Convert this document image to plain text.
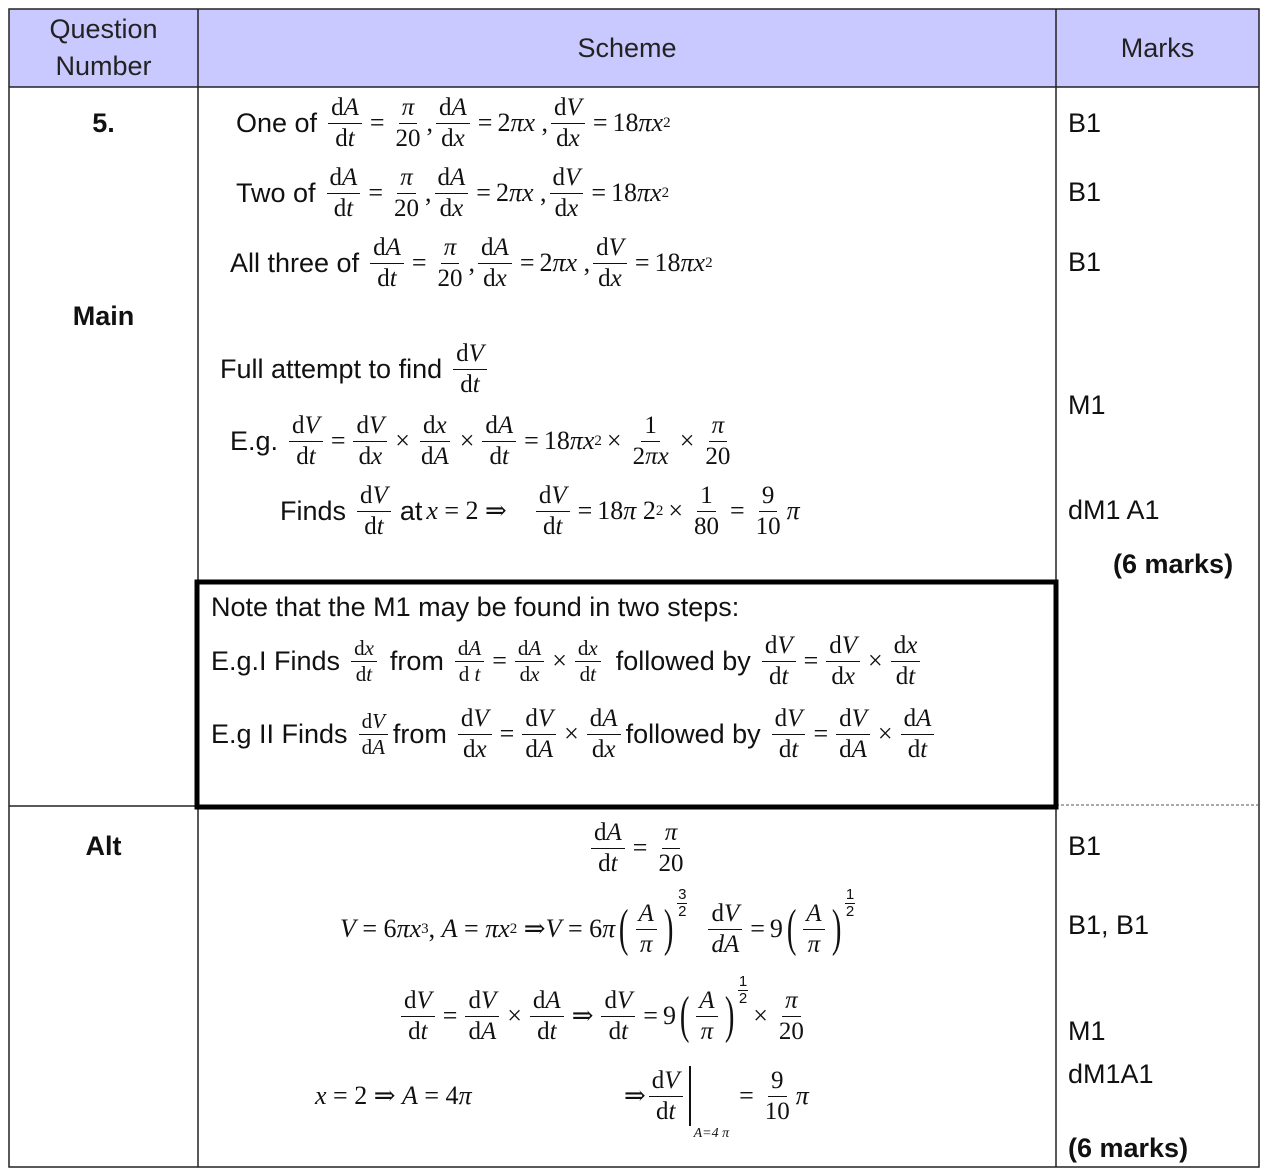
Question Number
Scheme	Marks
5.
Main
Alt
One of $\frac{dA}{dt} = \frac{\pi}{20}$ , $\frac{dA}{dx} = 2$ πx , $\frac{dV}{dx} = 18$ πx 2
Two of $\frac{dA}{dt} = \frac{\pi}{20}$ , $\frac{dA}{dx} = 2$ πx , $\frac{dV}{dx} = 18$ πx 2
All three of $\frac{dA}{dt} = \frac{\pi}{20}$ , $\frac{dA}{dx} = 2$ πx , $\frac{dV}{dx} = 18$ πx 2
Full attempt to find $\frac{dV}{dt}$
E.g. $\frac{dV}{dt} = \frac{dV}{dx} \times \frac{dx}{dA} \times \frac{dA}{dt} = 18$ πx $2 \times \frac{1}{2\pi x} \times \frac{\pi}{20}$
Finds $\frac{dV}{dt}$ at x = 2 ⇒ $\frac{dV}{dt} = 18$ π 2 $2 \times \frac{1}{80} = \frac{9}{10}$ π
B1
B1
B1
M1
dM1 A1
(6 marks)
Note that the M1 may be found in two steps:
E.g.I Finds $\frac{dx}{dt}$ from $\frac{dA}{\text{d t}} = \frac{dA}{dx} \times \frac{dx}{dt}$ followed by $\frac{dV}{dt} = \frac{dV}{dx} \times \frac{dx}{dt}$
E.g II Finds $\frac{dV}{dA}$ from $\frac{dV}{dx} = \frac{dV}{dA} \times \frac{dA}{dx}$ followed by $\frac{dV}{dt} = \frac{dV}{dA} \times \frac{dA}{dt}$
$\frac{dA}{dt} = \frac{\pi}{20}$
V = 6 πx 3 , A = πx 2 ⇒ V = 6 π ( $\frac{A}{\pi}$ )
3
$2 \frac{dV}{dA} = 9$ ( $\frac{A}{\pi}$ )
1
2
$\frac{dV}{dt} = \frac{dV}{dA} \times \frac{dA}{dt}$ ⇒ $\frac{dV}{dt} = 9$ ( $\frac{A}{\pi}$ ) $\frac{1}{2}$
× $\frac{\pi}{20}$
x = 2 ⇒ A = 4 π	⇒ $\frac{dV}{dt}$
A=4 π
= $\frac{9}{10}$ π
B1
B1, B1
M1
dM1A1
(6 marks)
